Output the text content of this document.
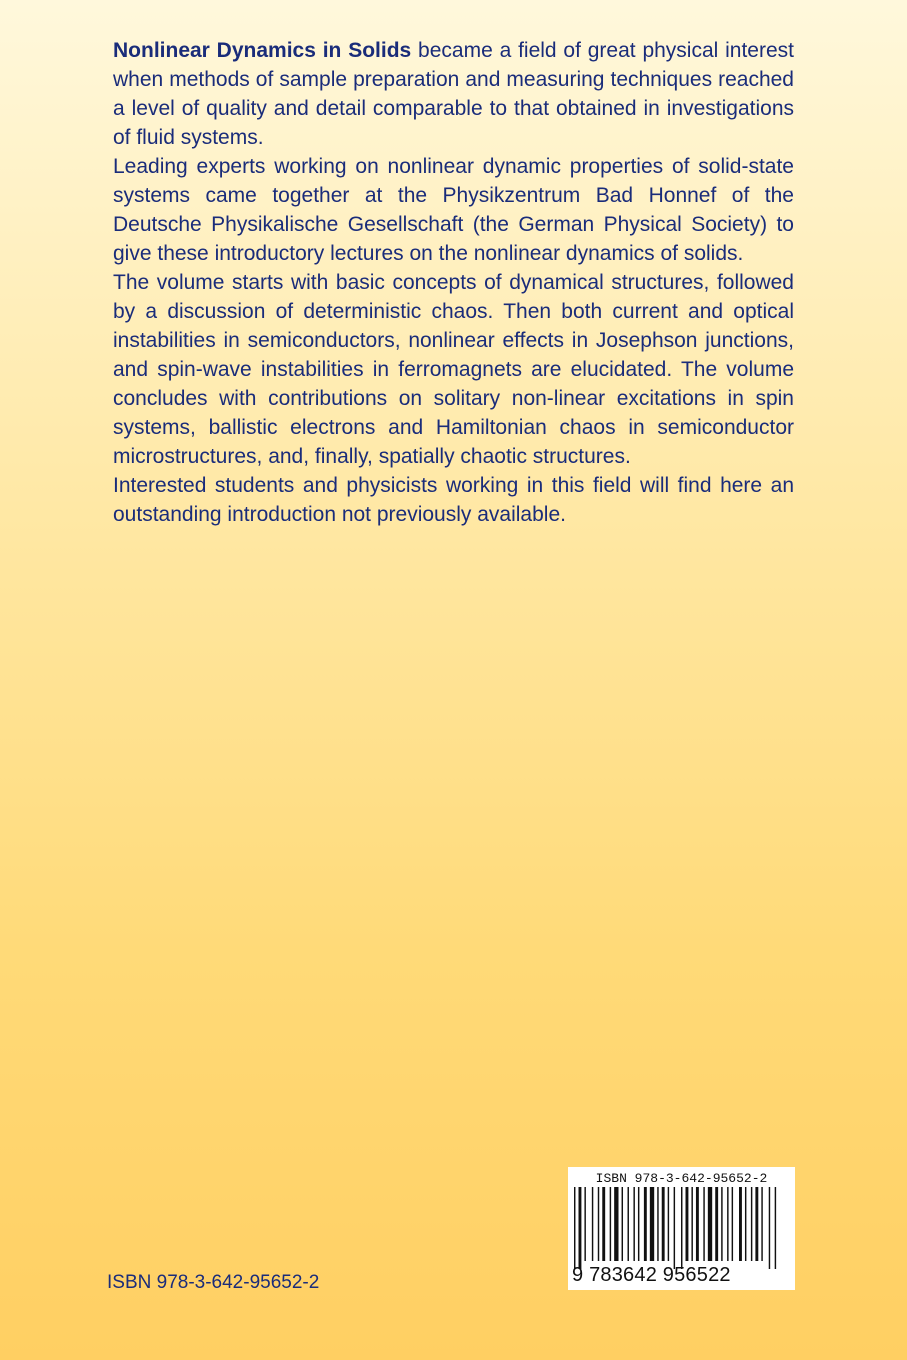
Nonlinear Dynamics in Solids became a field of great physical interest when methods of sample preparation and measuring techniques reached a level of quality and detail comparable to that obtained in investigations of fluid systems.

Leading experts working on nonlinear dynamic properties of solid-state systems came together at the Physikzentrum Bad Honnef of the Deutsche Physikalische Gesellschaft (the German Physical Society) to give these introductory lectures on the nonlinear dynamics of solids.

The volume starts with basic concepts of dynamical structures, followed by a discussion of deterministic chaos. Then both current and optical instabilities in semiconductors, nonlinear effects in Josephson junctions, and spin-wave instabilities in ferromagnets are elucidated. The volume concludes with contributions on solitary non-linear excitations in spin systems, ballistic electrons and Hamiltonian chaos in semiconductor microstructures, and, finally, spatially chaotic structures.

Interested students and physicists working in this field will find here an outstanding introduction not previously available.

ISBN 978-3-642-95652-2
ISBN 978-3-642-95652-2
9 783642 956522
